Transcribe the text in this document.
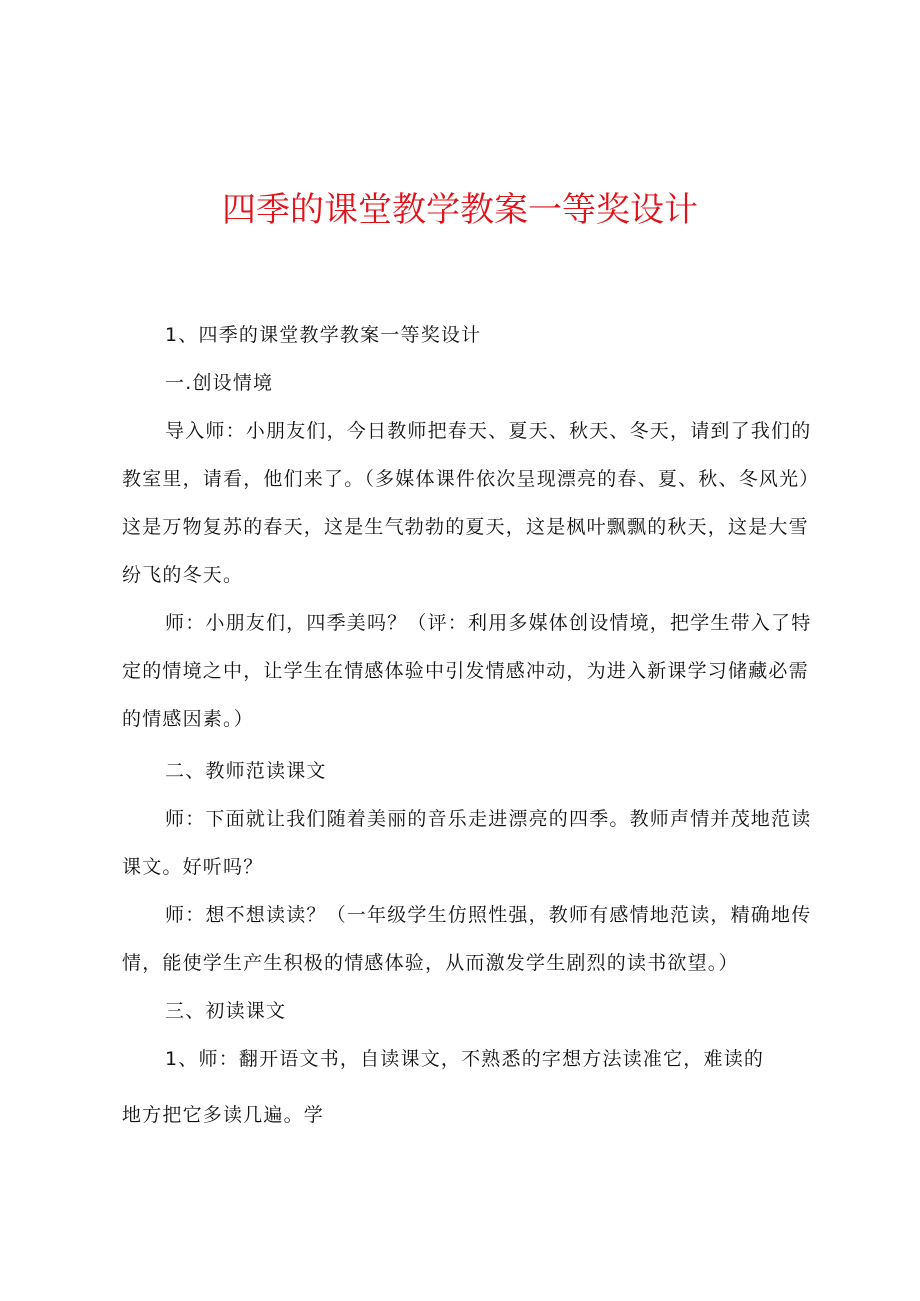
四季的课堂教学教案一等奖设计
1、四季的课堂教学教案一等奖设计
一.创设情境
导入师：小朋友们，今日教师把春天、夏天、秋天、冬天，请到了我们的
教室里，请看，他们来了。（多媒体课件依次呈现漂亮的春、夏、秋、冬风光）
这是万物复苏的春天，这是生气勃勃的夏天，这是枫叶飘飘的秋天，这是大雪
纷飞的冬天。
师：小朋友们，四季美吗？（评：利用多媒体创设情境，把学生带入了特
定的情境之中，让学生在情感体验中引发情感冲动，为进入新课学习储藏必需
的情感因素。）
二、教师范读课文
师：下面就让我们随着美丽的音乐走进漂亮的四季。教师声情并茂地范读
课文。好听吗？
师：想不想读读？（一年级学生仿照性强，教师有感情地范读，精确地传
情，能使学生产生积极的情感体验，从而激发学生剧烈的读书欲望。）
三、初读课文
1、师：翻开语文书，自读课文，不熟悉的字想方法读准它，难读的
地方把它多读几遍。学
